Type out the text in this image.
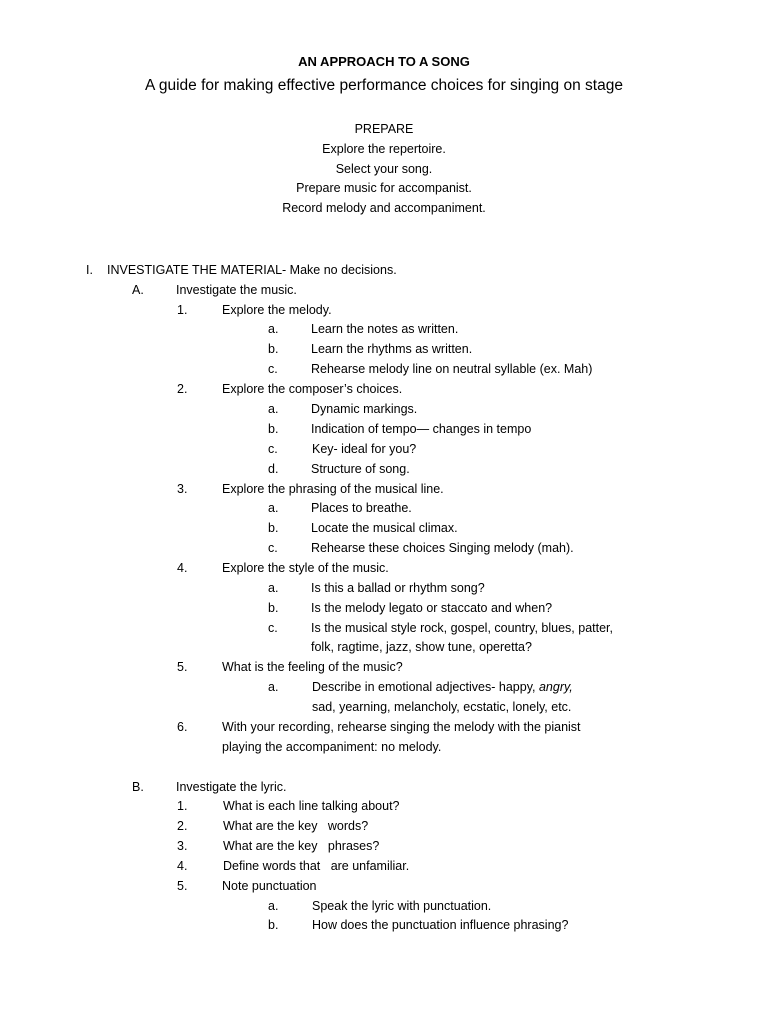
AN APPROACH TO A SONG
A guide for making effective performance choices for singing on stage
PREPARE
Explore the repertoire.
Select your song.
Prepare music for accompanist.
Record melody and accompaniment.
I. INVESTIGATE THE MATERIAL- Make no decisions.
A.	Investigate the music.
1.	Explore the melody.
a.	Learn the notes as written.
b.	Learn the rhythms as written.
c.	Rehearse melody line on neutral syllable (ex. Mah)
2.	Explore the composer’s choices.
a.	Dynamic markings.
b.	Indication of tempo— changes in tempo
c.	Key- ideal for you?
d.	Structure of song.
3.	Explore the phrasing of the musical line.
a.	Places to breathe.
b.	Locate the musical climax.
c.	Rehearse these choices Singing melody (mah).
4.	Explore the style of the music.
a.	Is this a ballad or rhythm song?
b.	Is the melody legato or staccato and when?
c.	Is the musical style rock, gospel, country, blues, patter,
folk, ragtime, jazz, show tune, operetta?
5.	What is the feeling of the music?
a.	Describe in emotional adjectives- happy, angry,
sad, yearning, melancholy, ecstatic, lonely, etc.
6.	With your recording, rehearse singing the melody with the pianist
playing the accompaniment: no melody.
B.	Investigate the lyric.
1.	What is each line talking about?
2.	What are the key   words?
3.	What are the key   phrases?
4.	Define words that   are unfamiliar.
5.	Note punctuation
a.	Speak the lyric with punctuation.
b.	How does the punctuation influence phrasing?
